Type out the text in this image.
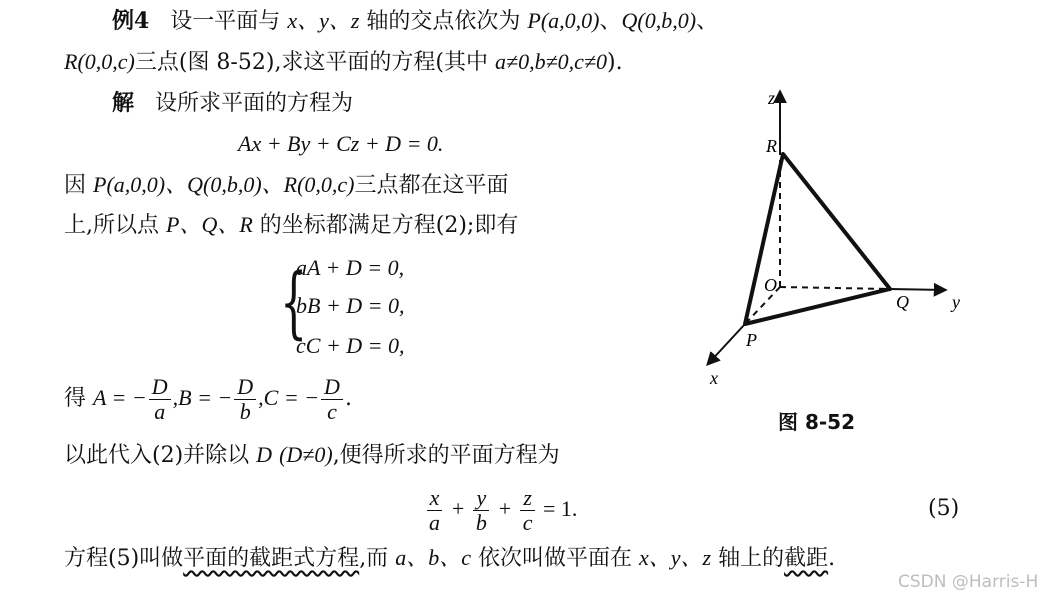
例4 设一平面与 x、y、z 轴的交点依次为 P(a,0,0)、Q(0,b,0)、
R(0,0,c)三点(图 8-52),求这平面的方程(其中 a≠0,b≠0,c≠0).
解 设所求平面的方程为
Ax + By + Cz + D = 0.
因 P(a,0,0)、Q(0,b,0)、R(0,0,c)三点都在这平面
上,所以点 P、Q、R 的坐标都满足方程(2);即有
{
aA + D = 0,
bB + D = 0,
cC + D = 0,
得 A = − $\frac{D}{a} ,B$ = − $\frac{D}{b} ,C$ = − $\frac{D}{c}$ .
以此代入(2)并除以 D (D≠0),便得所求的平面方程为
$\frac{x}{a} + \frac{y}{b} + \frac{z}{c} = 1$.	(5)
方程(5)叫做平面的截距式方程,而 a、b、c 依次叫做平面在 x、y、z 轴上的截距.
z
R
O
Q y
P
x
图 8-52
CSDN @Harris-H
